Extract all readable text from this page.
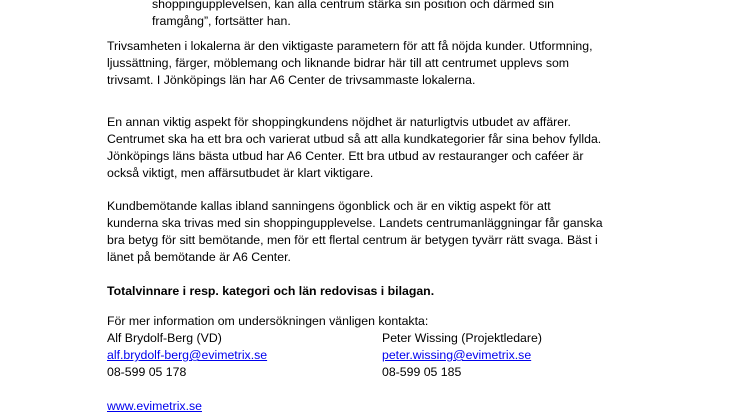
shoppingupplevelsen, kan alla centrum stärka sin position och därmed sin
framgång”, fortsätter han.

Trivsamheten i lokalerna är den viktigaste parametern för att få nöjda kunder. Utformning,
ljussättning, färger, möblemang och liknande bidrar här till att centrumet upplevs som
trivsamt. I Jönköpings län har A6 Center de trivsammaste lokalerna.

En annan viktig aspekt för shoppingkundens nöjdhet är naturligtvis utbudet av affärer.
Centrumet ska ha ett bra och varierat utbud så att alla kundkategorier får sina behov fyllda.
Jönköpings läns bästa utbud har A6 Center. Ett bra utbud av restauranger och caféer är
också viktigt, men affärsutbudet är klart viktigare.

Kundbemötande kallas ibland sanningens ögonblick och är en viktig aspekt för att
kunderna ska trivas med sin shoppingupplevelse. Landets centrumanläggningar får ganska
bra betyg för sitt bemötande, men för ett flertal centrum är betygen tyvärr rätt svaga. Bäst i
länet på bemötande är A6 Center.

Totalvinnare i resp. kategori och län redovisas i bilagan.

För mer information om undersökningen vänligen kontakta:

Alf Brydolf-Berg (VD)
alf.brydolf-berg@evimetrix.se
08-599 05 178
Peter Wissing (Projektledare)
peter.wissing@evimetrix.se
08-599 05 185

www.evimetrix.se
